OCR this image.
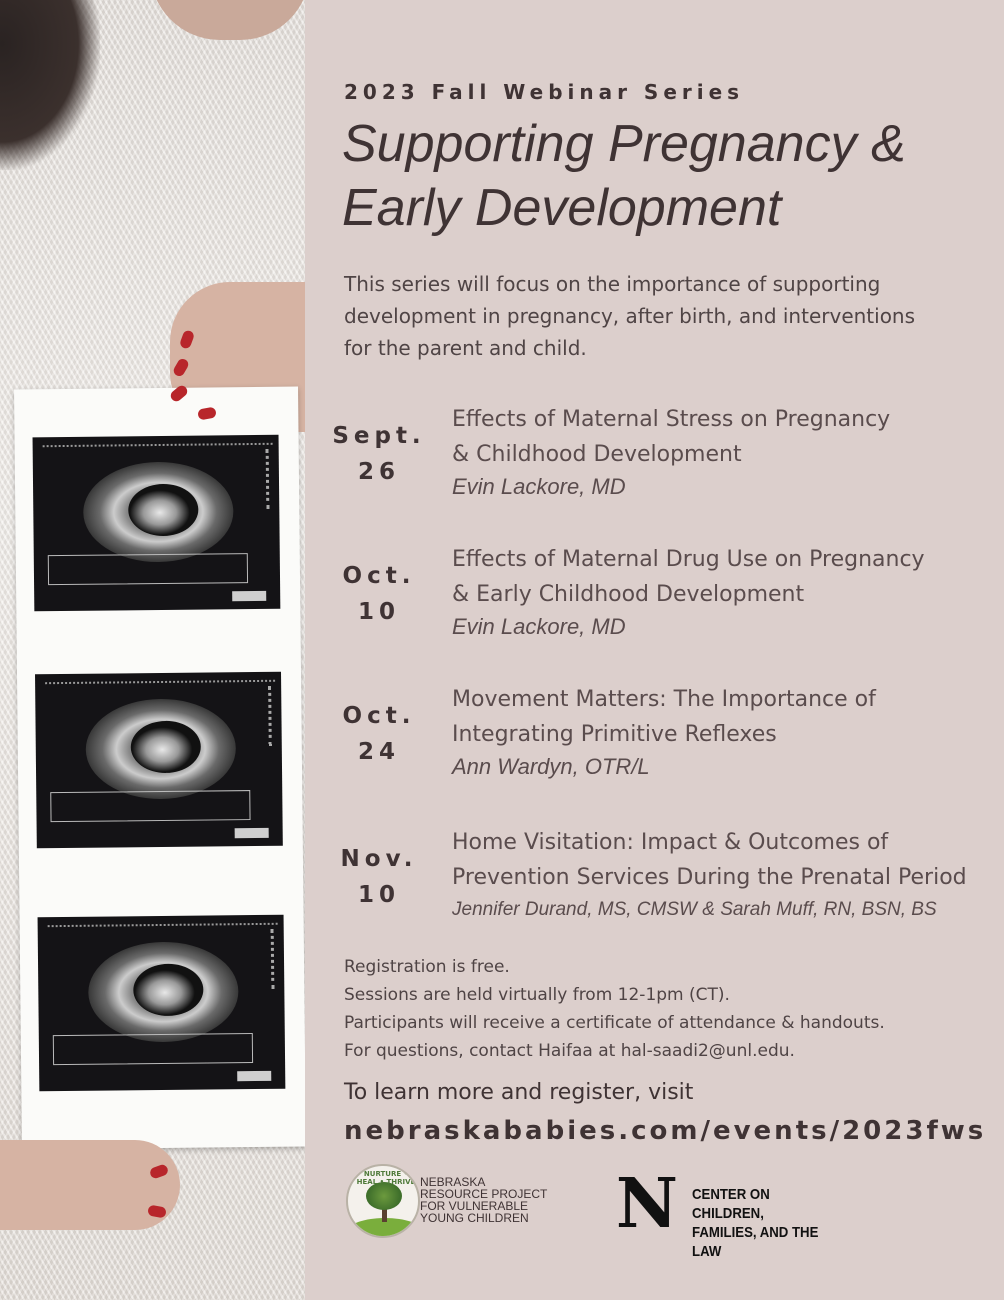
2023 Fall Webinar Series

Supporting Pregnancy &
Early Development

This series will focus on the importance of supporting
development in pregnancy, after birth, and interventions
for the parent and child.

Sept.
26
Effects of Maternal Stress on Pregnancy
& Childhood Development
Evin Lackore, MD
Oct.
10
Effects of Maternal Drug Use on Pregnancy
& Early Childhood Development
Evin Lackore, MD
Oct.
24
Movement Matters: The Importance of
Integrating Primitive Reflexes
Ann Wardyn, OTR/L
Nov.
10
Home Visitation: Impact & Outcomes of
Prevention Services During the Prenatal Period
Jennifer Durand, MS, CMSW & Sarah Muff, RN, BSN, BS
Registration is free.
Sessions are held virtually from 12-1pm (CT).
Participants will receive a certificate of attendance & handouts.
For questions, contact Haifaa at hal-saadi2@unl.edu.
To learn more and register, visit
nebraskababies.com/events/2023fws
NURTURE • HEAL • THRIVE NEBRASKA
RESOURCE PROJECT
FOR VULNERABLE
YOUNG CHILDREN	N CENTER ON CHILDREN,
FAMILIES, AND THE LAW
